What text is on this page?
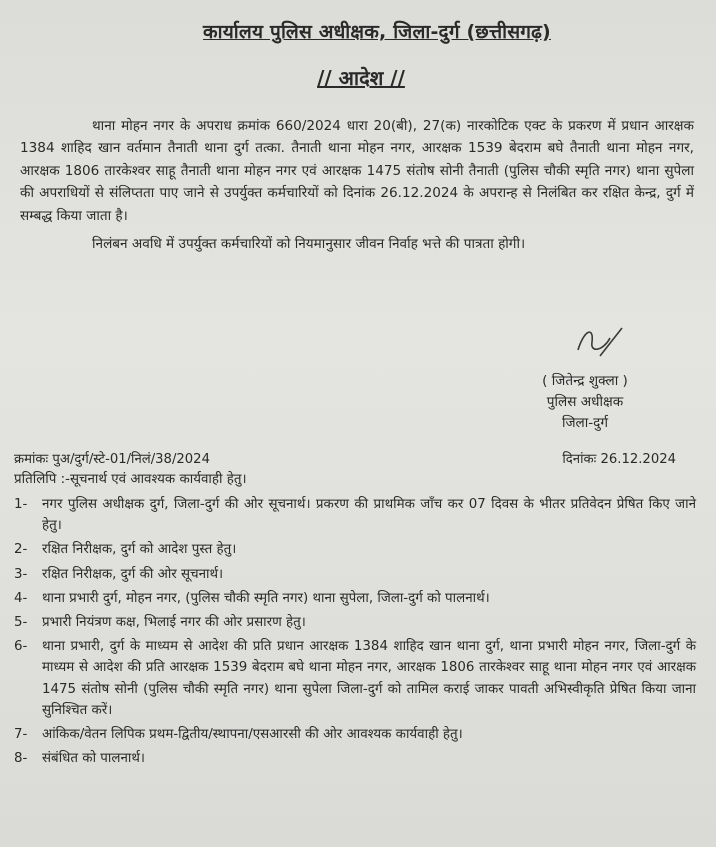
कार्यालय पुलिस अधीक्षक, जिला-दुर्ग (छत्तीसगढ़)
// आदेश //

थाना मोहन नगर के अपराध क्रमांक 660/2024 धारा 20(बी), 27(क) नारकोटिक एक्ट के प्रकरण में प्रधान आरक्षक 1384 शाहिद खान वर्तमान तैनाती थाना दुर्ग तत्का. तैनाती थाना मोहन नगर, आरक्षक 1539 बेदराम बघे तैनाती थाना मोहन नगर, आरक्षक 1806 तारकेश्वर साहू तैनाती थाना मोहन नगर एवं आरक्षक 1475 संतोष सोनी तैनाती (पुलिस चौकी स्मृति नगर) थाना सुपेला की अपराधियों से संलिप्तता पाए जाने से उपर्युक्त कर्मचारियों को दिनांक 26.12.2024 के अपरान्ह से निलंबित कर रक्षित केन्द्र, दुर्ग में सम्बद्ध किया जाता है।

निलंबन अवधि में उपर्युक्त कर्मचारियों को नियमानुसार जीवन निर्वाह भत्ते की पात्रता होगी।

( जितेन्द्र शुक्ला )
पुलिस अधीक्षक
जिला-दुर्ग
क्रमांकः पुअ/दुर्ग/स्टे-01/निलं/38/2024	दिनांकः 26.12.2024
प्रतिलिपि :-सूचनार्थ एवं आवश्यक कार्यवाही हेतु।
1-	नगर पुलिस अधीक्षक दुर्ग, जिला-दुर्ग की ओर सूचनार्थ। प्रकरण की प्राथमिक जाँच कर 07 दिवस के भीतर प्रतिवेदन प्रेषित किए जाने हेतु।
2-	रक्षित निरीक्षक, दुर्ग को आदेश पुस्त हेतु।
3-	रक्षित निरीक्षक, दुर्ग की ओर सूचनार्थ।
4-	थाना प्रभारी दुर्ग, मोहन नगर, (पुलिस चौकी स्मृति नगर) थाना सुपेला, जिला-दुर्ग को पालनार्थ।
5-	प्रभारी नियंत्रण कक्ष, भिलाई नगर की ओर प्रसारण हेतु।
6-	थाना प्रभारी, दुर्ग के माध्यम से आदेश की प्रति प्रधान आरक्षक 1384 शाहिद खान थाना दुर्ग, थाना प्रभारी मोहन नगर, जिला-दुर्ग के माध्यम से आदेश की प्रति आरक्षक 1539 बेदराम बघे थाना मोहन नगर, आरक्षक 1806 तारकेश्वर साहू थाना मोहन नगर एवं आरक्षक 1475 संतोष सोनी (पुलिस चौकी स्मृति नगर) थाना सुपेला जिला-दुर्ग को तामिल कराई जाकर पावती अभिस्वीकृति प्रेषित किया जाना सुनिश्चित करें।
7-	आंकिक/वेतन लिपिक प्रथम-द्वितीय/स्थापना/एसआरसी की ओर आवश्यक कार्यवाही हेतु।
8-	संबंधित को पालनार्थ।
